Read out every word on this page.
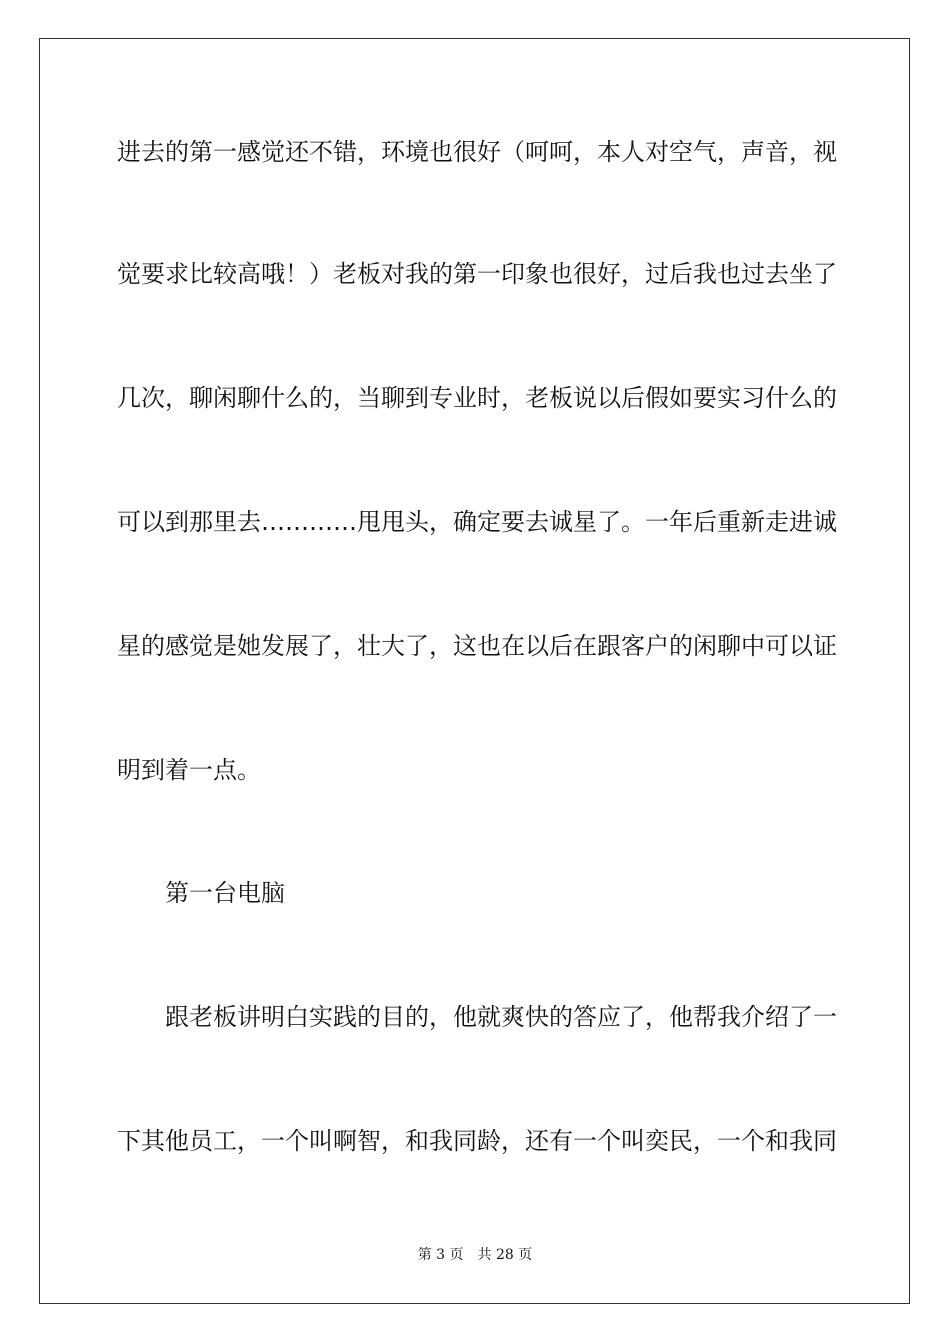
进去的第一感觉还不错，环境也很好（呵呵，本人对空气，声音，视
觉要求比较高哦！）老板对我的第一印象也很好，过后我也过去坐了
几次，聊闲聊什么的，当聊到专业时，老板说以后假如要实习什么的
可以到那里去…………甩甩头，确定要去诚星了。一年后重新走进诚
星的感觉是她发展了，壮大了，这也在以后在跟客户的闲聊中可以证
明到着一点。
第一台电脑
跟老板讲明白实践的目的，他就爽快的答应了，他帮我介绍了一
下其他员工，一个叫啊智，和我同龄，还有一个叫奕民，一个和我同
第 3 页 共 28 页
